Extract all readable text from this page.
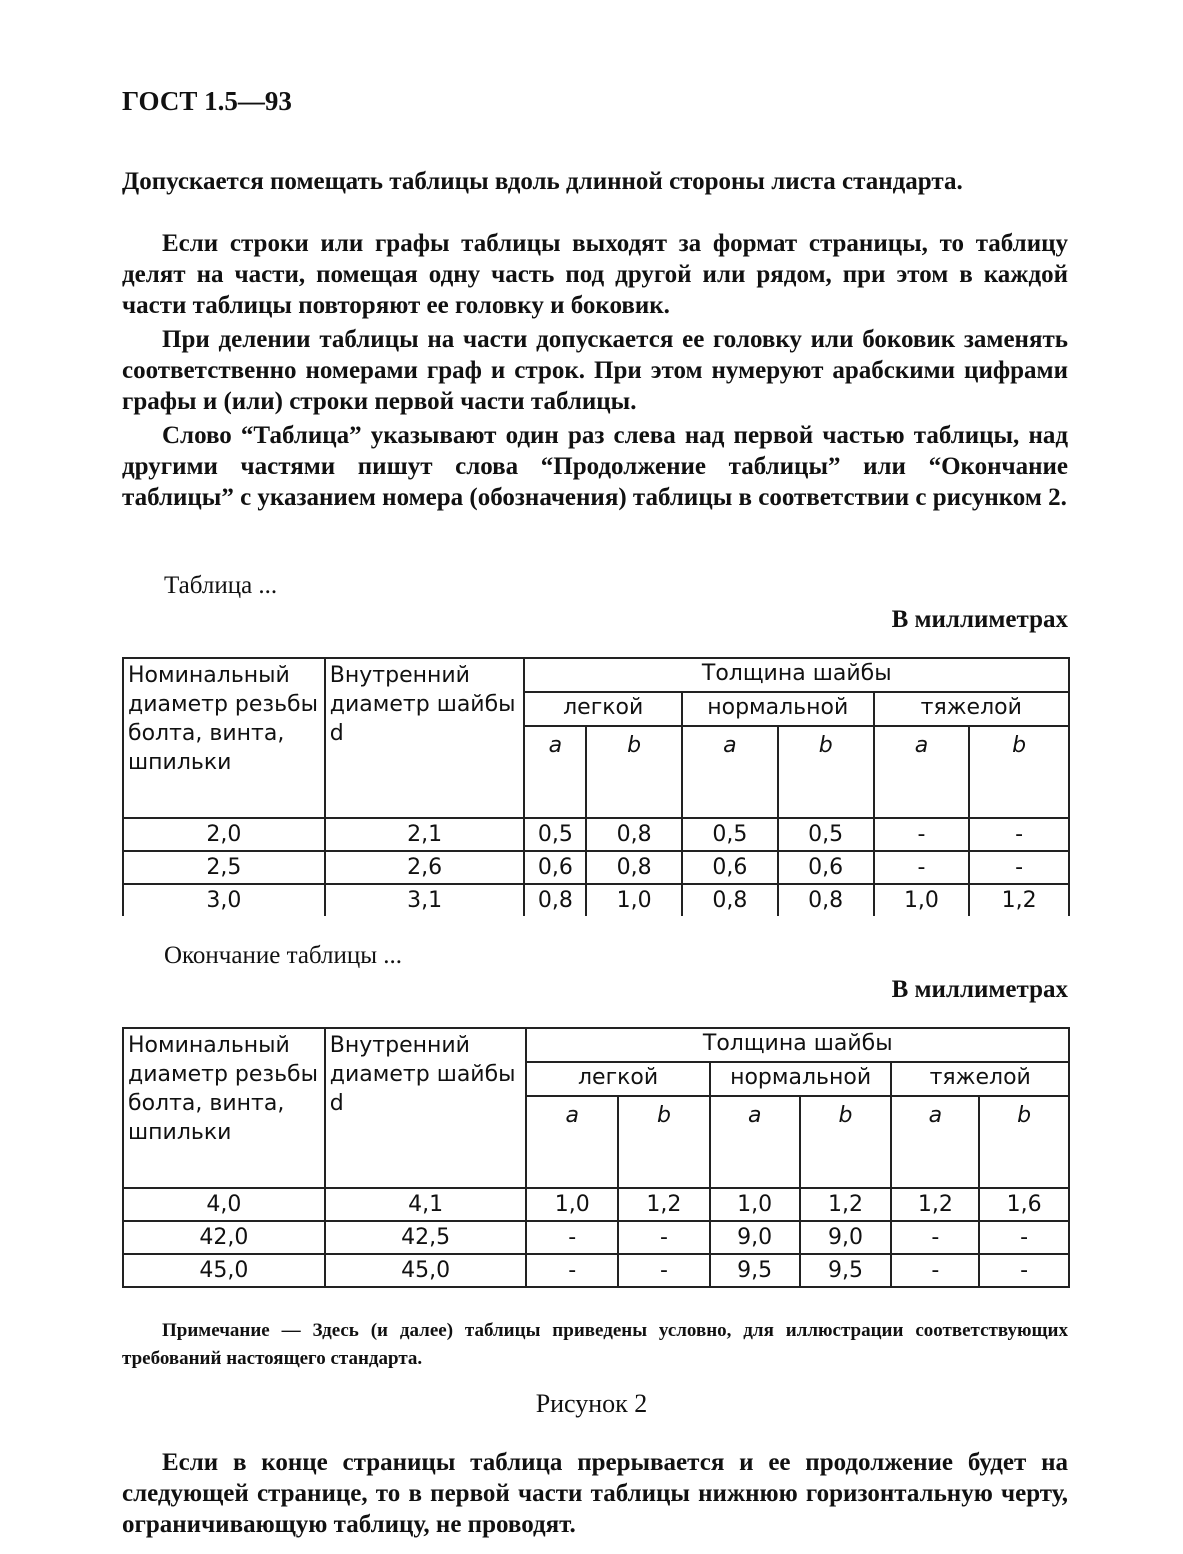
ГОСТ 1.5—93

Допускается помещать таблицы вдоль длинной стороны листа стандарта.

Если строки или графы таблицы выходят за формат страницы, то таблицу делят на части, помещая одну часть под другой или рядом, при этом в каждой части таблицы повторяют ее головку и боковик.

При делении таблицы на части допускается ее головку или боковик заменять соответственно номерами граф и строк. При этом нумеруют арабскими цифрами графы и (или) строки первой части таблицы.

Слово “Таблица” указывают один раз слева над первой частью таблицы, над другими частями пишут слова “Продолжение таблицы” или “Окончание таблицы” с указанием номера (обозначения) таблицы в соответствии с рисунком 2.

Таблица ...
В миллиметрах
Номинальный диаметр резьбы болта, винта, шпильки	Внутренний диаметр шайбы d	Толщина шайбы					
		легкой		нормальной		тяжелой	
		a	b	a	b	a	b
2,0	2,1	0,5	0,8	0,5	0,5	-	-
2,5	2,6	0,6	0,8	0,6	0,6	-	-
3,0	3,1	0,8	1,0	0,8	0,8	1,0	1,2
Окончание таблицы ...
В миллиметрах
Номинальный диаметр резьбы болта, винта, шпильки	Внутренний диаметр шайбы d	Толщина шайбы					
		легкой		нормальной		тяжелой	
		a	b	a	b	a	b
4,0	4,1	1,0	1,2	1,0	1,2	1,2	1,6
42,0	42,5	-	-	9,0	9,0	-	-
45,0	45,0	-	-	9,5	9,5	-	-

Примечание — Здесь (и далее) таблицы приведены условно, для иллюстрации соответствующих требований настоящего стандарта.

Рисунок 2

Если в конце страницы таблица прерывается и ее продолжение будет на следующей странице, то в первой части таблицы нижнюю горизонтальную черту, ограничивающую таблицу, не проводят.
